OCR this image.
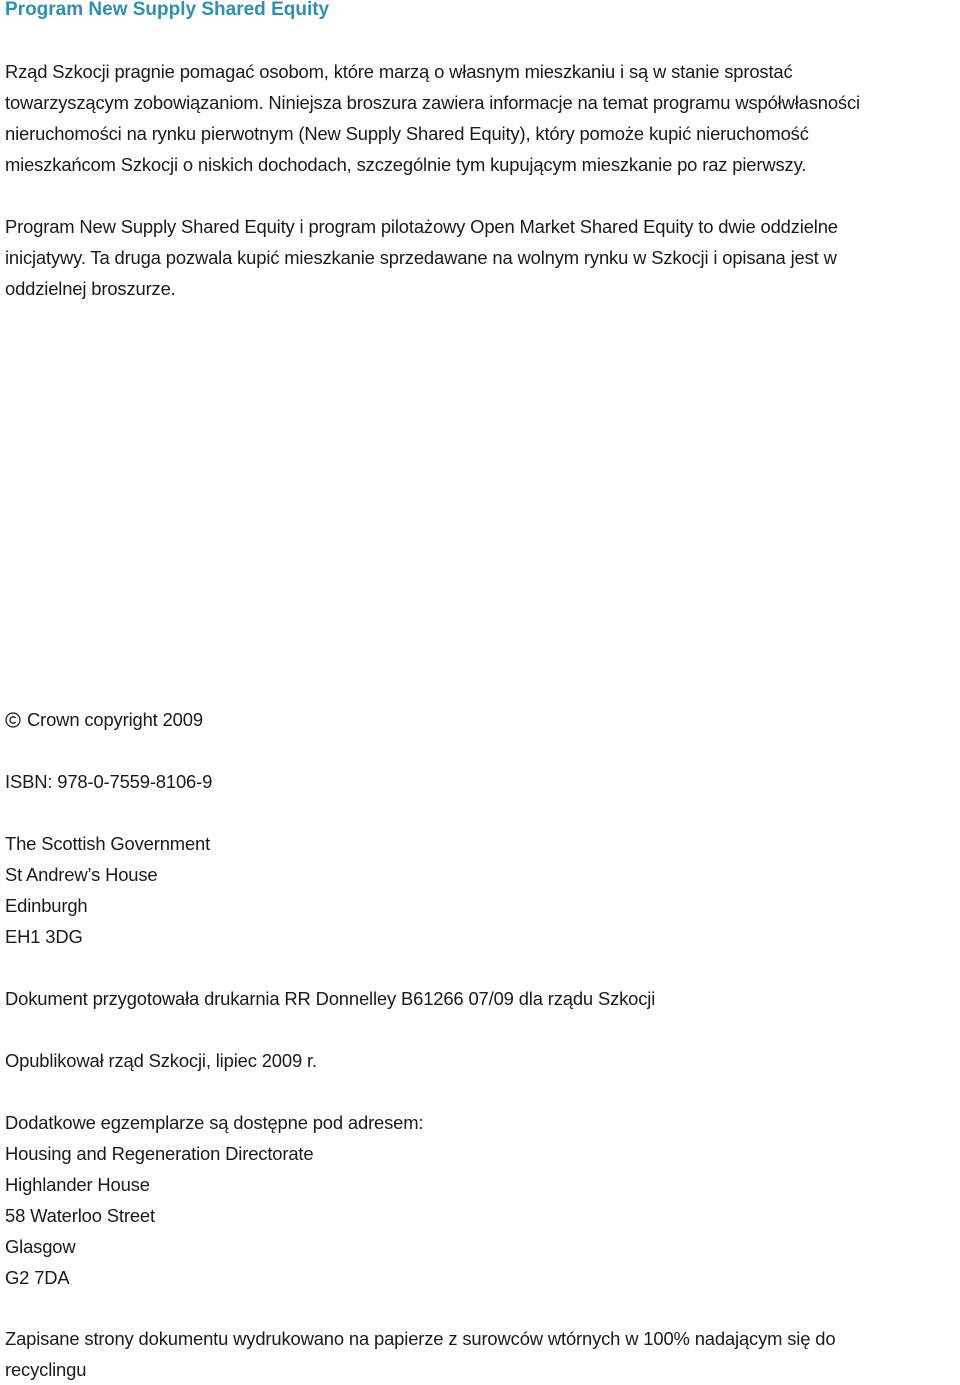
Program New Supply Shared Equity
Rząd Szkocji pragnie pomagać osobom, które marzą o własnym mieszkaniu i są w stanie sprostać
towarzyszącym zobowiązaniom. Niniejsza broszura zawiera informacje na temat programu współwłasności
nieruchomości na rynku pierwotnym (New Supply Shared Equity), który pomoże kupić nieruchomość
mieszkańcom Szkocji o niskich dochodach, szczególnie tym kupującym mieszkanie po raz pierwszy.
Program New Supply Shared Equity i program pilotażowy Open Market Shared Equity to dwie oddzielne
inicjatywy. Ta druga pozwala kupić mieszkanie sprzedawane na wolnym rynku w Szkocji i opisana jest w
oddzielnej broszurze.
Crown copyright 2009
ISBN: 978-0-7559-8106-9
The Scottish Government
St Andrew’s House
Edinburgh
EH1 3DG
Dokument przygotowała drukarnia RR Donnelley B61266 07/09 dla rządu Szkocji
Opublikował rząd Szkocji, lipiec 2009 r.
Dodatkowe egzemplarze są dostępne pod adresem:
Housing and Regeneration Directorate
Highlander House
58 Waterloo Street
Glasgow
G2 7DA
Zapisane strony dokumentu wydrukowano na papierze z surowców wtórnych w 100% nadającym się do
recyclingu
